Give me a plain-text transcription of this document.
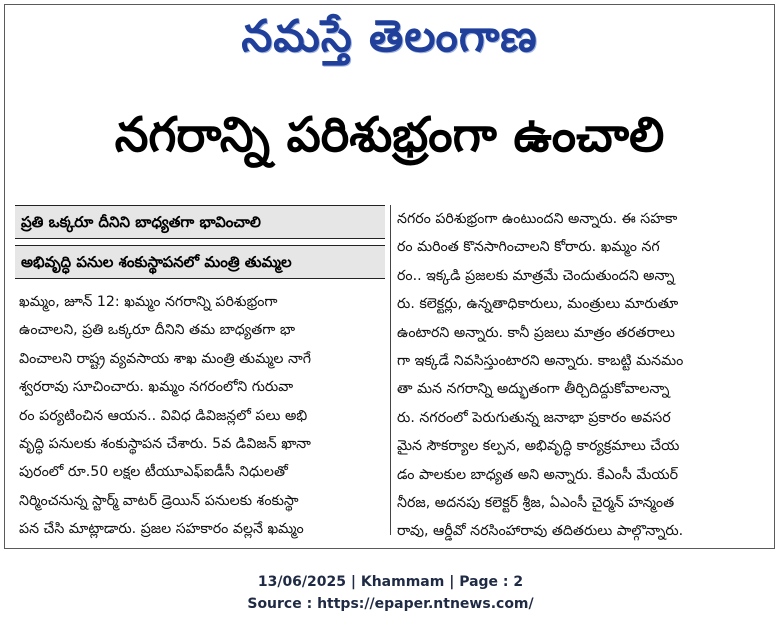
నమస్తే తెలంగాణ
నగరాన్ని పరిశుభ్రంగా ఉంచాలి
ప్రతి ఒక్కరూ దీనిని బాధ్యతగా భావించాలి
అభివృద్ధి పనుల శంకుస్థాపనలో మంత్రి తుమ్మల
ఖమ్మం, జూన్ 12: ఖమ్మం నగరాన్ని పరిశుభ్రంగా
ఉంచాలని, ప్రతి ఒక్కరూ దీనిని తమ బాధ్యతగా భా
వించాలని రాష్ట్ర వ్యవసాయ శాఖ మంత్రి తుమ్మల నాగే
శ్వరరావు సూచించారు. ఖమ్మం నగరంలోని గురువా
రం పర్యటించిన ఆయన.. వివిధ డివిజన్లలో పలు అభి
వృద్ధి పనులకు శంకుస్థాపన చేశారు. 5వ డివిజన్ ఖానా
పురంలో రూ.50 లక్షల టీయూఎఫ్ఐడీసీ నిధులతో
నిర్మించనున్న స్టార్మ్ వాటర్ డ్రెయిన్ పనులకు శంకుస్థా
పన చేసి మాట్లాడారు. ప్రజల సహకారం వల్లనే ఖమ్మం
నగరం పరిశుభ్రంగా ఉంటుందని అన్నారు. ఈ సహకా
రం మరింత కొనసాగించాలని కోరారు. ఖమ్మం నగ
రం.. ఇక్కడి ప్రజలకు మాత్రమే చెందుతుందని అన్నా
రు. కలెక్టర్లు, ఉన్నతాధికారులు, మంత్రులు మారుతూ
ఉంటారని అన్నారు. కానీ ప్రజలు మాత్రం తరతరాలు
గా ఇక్కడే నివసిస్తుంటారని అన్నారు. కాబట్టి మనమం
తా మన నగరాన్ని అద్భుతంగా తీర్చిదిద్దుకోవాలన్నా
రు. నగరంలో పెరుగుతున్న జనాభా ప్రకారం అవసర
మైన సౌకర్యాల కల్పన, అభివృద్ధి కార్యక్రమాలు చేయ
డం పాలకుల బాధ్యత అని అన్నారు. కేఎంసీ మేయర్
నీరజ, అదనపు కలెక్టర్ శ్రీజ, ఏఎంసీ చైర్మన్ హన్మంత
రావు, ఆర్డీవో నరసింహారావు తదితరులు పాల్గొన్నారు.
13/06/2025 | Khammam | Page : 2
Source : https://epaper.ntnews.com/
